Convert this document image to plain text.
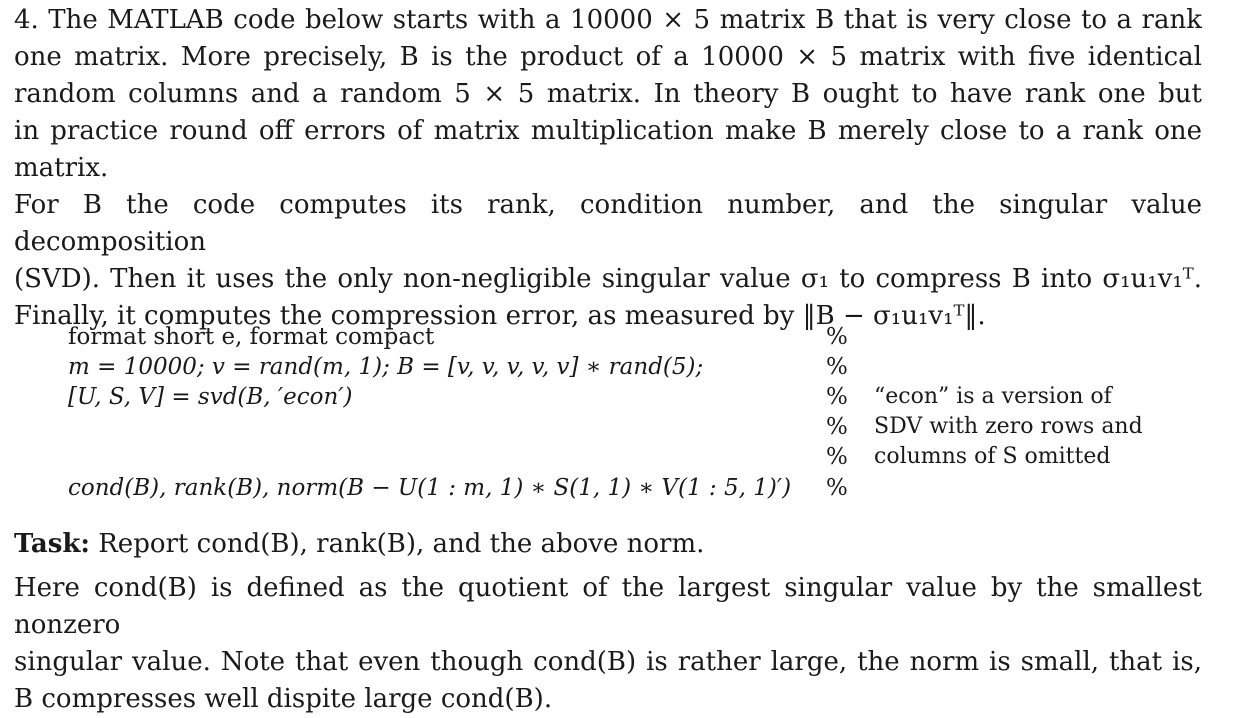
4. The MATLAB code below starts with a 10000 × 5 matrix B that is very close to a rank
one matrix. More precisely, B is the product of a 10000 × 5 matrix with five identical
random columns and a random 5 × 5 matrix. In theory B ought to have rank one but
in practice round off errors of matrix multiplication make B merely close to a rank one
matrix.
For B the code computes its rank, condition number, and the singular value decomposition
(SVD). Then it uses the only non-negligible singular value σ₁ to compress B into σ₁u₁v₁ᵀ.
Finally, it computes the compression error, as measured by ‖B − σ₁u₁v₁ᵀ‖.
format short e, format compact
m = 10000; v = rand(m, 1); B = [v, v, v, v, v] ∗ rand(5);
[U, S, V] = svd(B, ′econ′)
cond(B), rank(B), norm(B − U(1 : m, 1) ∗ S(1, 1) ∗ V(1 : 5, 1)′)
%
%
%
%
%
%
“econ” is a version of
SDV with zero rows and
columns of S omitted
Task: Report cond(B), rank(B), and the above norm.
Here cond(B) is defined as the quotient of the largest singular value by the smallest nonzero
singular value. Note that even though cond(B) is rather large, the norm is small, that is,
B compresses well dispite large cond(B).
